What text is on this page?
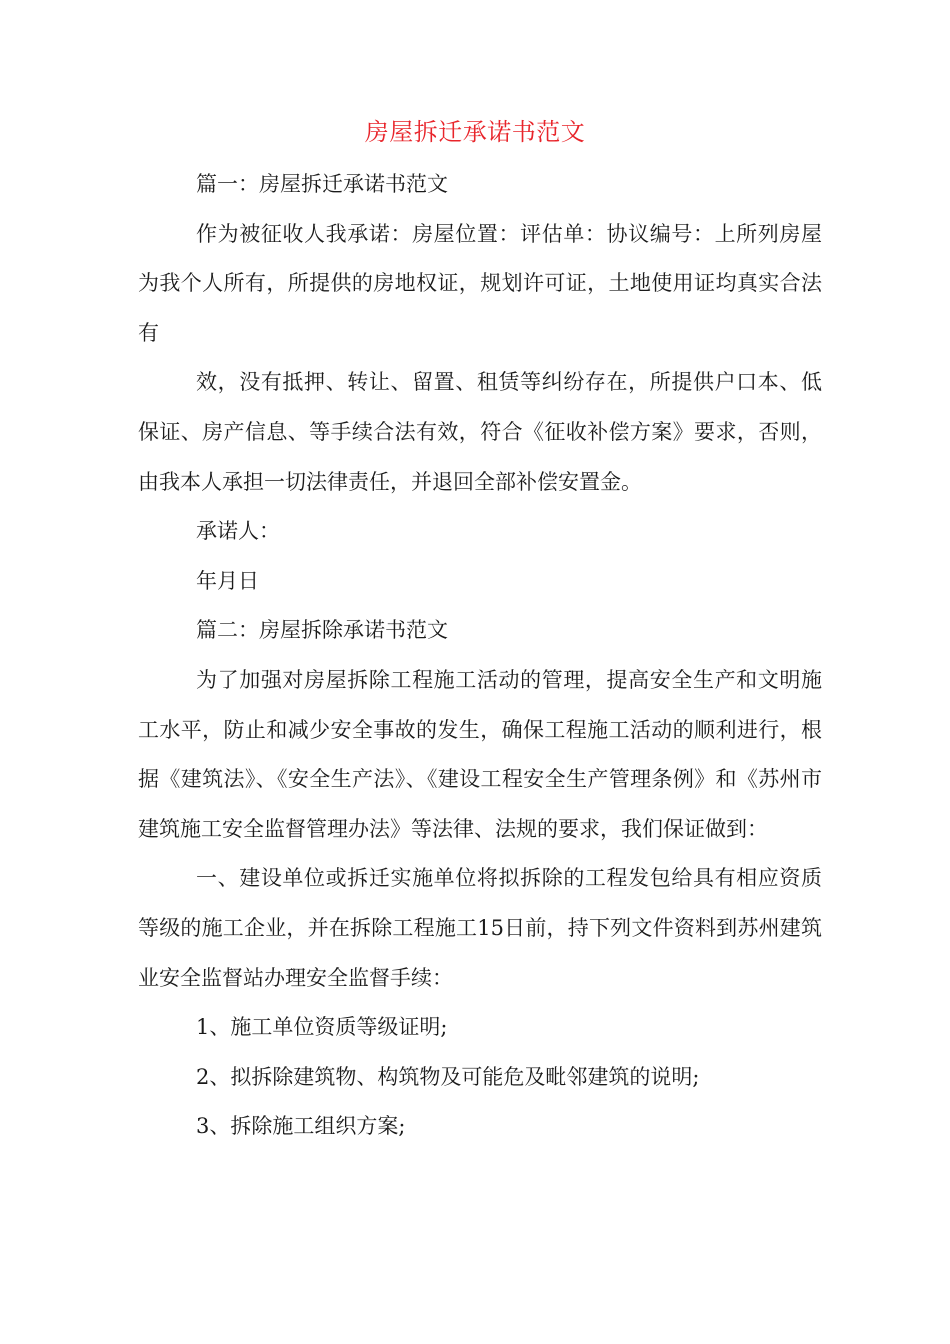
房屋拆迁承诺书范文

篇一：房屋拆迁承诺书范文

作为被征收人我承诺：房屋位置：评估单：协议编号：上所列房屋为我个人所有，所提供的房地权证，规划许可证，土地使用证均真实合法有

效，没有抵押、转让、留置、租赁等纠纷存在，所提供户口本、低保证、房产信息、等手续合法有效，符合《征收补偿方案》要求，否则，由我本人承担一切法律责任，并退回全部补偿安置金。

承诺人：

年月日

篇二：房屋拆除承诺书范文

为了加强对房屋拆除工程施工活动的管理，提高安全生产和文明施工水平，防止和减少安全事故的发生，确保工程施工活动的顺利进行，根据《建筑法》、《安全生产法》、《建设工程安全生产管理条例》和《苏州市建筑施工安全监督管理办法》等法律、法规的要求，我们保证做到：

一、建设单位或拆迁实施单位将拟拆除的工程发包给具有相应资质等级的施工企业，并在拆除工程施工15日前，持下列文件资料到苏州建筑业安全监督站办理安全监督手续：

1、施工单位资质等级证明;

2、拟拆除建筑物、构筑物及可能危及毗邻建筑的说明;

3、拆除施工组织方案;
